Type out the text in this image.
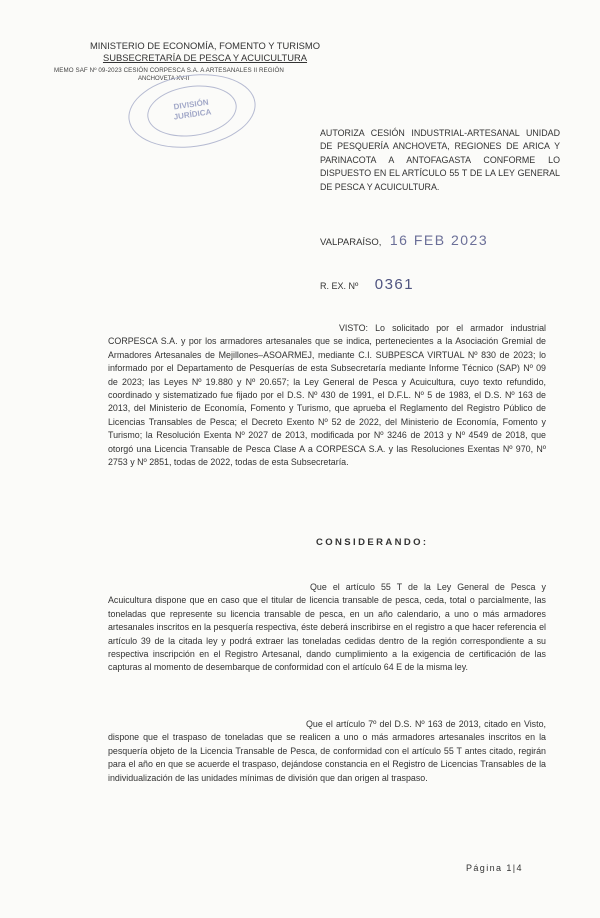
MINISTERIO DE ECONOMÍA, FOMENTO Y TURISMO
SUBSECRETARÍA DE PESCA Y ACUICULTURA
MEMO SAF Nº 09-2023 CESIÓN CORPESCA S.A. A ARTESANALES II REGIÓN
ANCHOVETA XV-II
DIVISIÓN
JURÍDICA
AUTORIZA CESIÓN INDUSTRIAL-ARTESANAL UNIDAD DE PESQUERÍA ANCHOVETA, REGIONES DE ARICA Y PARINACOTA A ANTOFAGASTA CONFORME LO DISPUESTO EN EL ARTÍCULO 55 T DE LA LEY GENERAL DE PESCA Y ACUICULTURA.
VALPARAÍSO, 16 FEB 2023
R. EX. Nº 0361
VISTO: Lo solicitado por el armador industrial CORPESCA S.A. y por los armadores artesanales que se indica, pertenecientes a la Asociación Gremial de Armadores Artesanales de Mejillones–ASOARMEJ, mediante C.I. SUBPESCA VIRTUAL Nº 830 de 2023; lo informado por el Departamento de Pesquerías de esta Subsecretaría mediante Informe Técnico (SAP) Nº 09 de 2023; las Leyes Nº 19.880 y Nº 20.657; la Ley General de Pesca y Acuicultura, cuyo texto refundido, coordinado y sistematizado fue fijado por el D.S. Nº 430 de 1991, el D.F.L. Nº 5 de 1983, el D.S. Nº 163 de 2013, del Ministerio de Economía, Fomento y Turismo, que aprueba el Reglamento del Registro Público de Licencias Transables de Pesca; el Decreto Exento Nº 52 de 2022, del Ministerio de Economía, Fomento y Turismo; la Resolución Exenta Nº 2027 de 2013, modificada por Nº 3246 de 2013 y Nº 4549 de 2018, que otorgó una Licencia Transable de Pesca Clase A a CORPESCA S.A. y las Resoluciones Exentas Nº 970, Nº 2753 y Nº 2851, todas de 2022, todas de esta Subsecretaría.
CONSIDERANDO:
Que el artículo 55 T de la Ley General de Pesca y Acuicultura dispone que en caso que el titular de licencia transable de pesca, ceda, total o parcialmente, las toneladas que represente su licencia transable de pesca, en un año calendario, a uno o más armadores artesanales inscritos en la pesquería respectiva, éste deberá inscribirse en el registro a que hacer referencia el artículo 39 de la citada ley y podrá extraer las toneladas cedidas dentro de la región correspondiente a su respectiva inscripción en el Registro Artesanal, dando cumplimiento a la exigencia de certificación de las capturas al momento de desembarque de conformidad con el artículo 64 E de la misma ley.
Que el artículo 7º del D.S. Nº 163 de 2013, citado en Visto, dispone que el traspaso de toneladas que se realicen a uno o más armadores artesanales inscritos en la pesquería objeto de la Licencia Transable de Pesca, de conformidad con el artículo 55 T antes citado, regirán para el año en que se acuerde el traspaso, dejándose constancia en el Registro de Licencias Transables de la individualización de las unidades mínimas de división que dan origen al traspaso.
Página 1|4
